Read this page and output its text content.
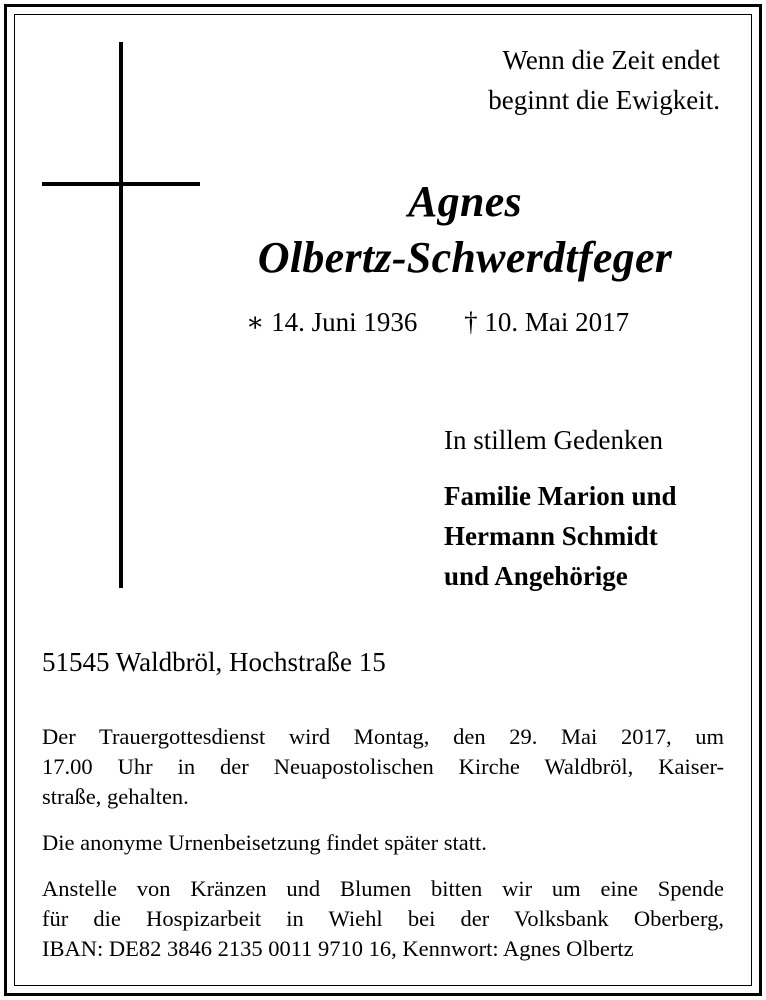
Wenn die Zeit endet
beginnt die Ewigkeit.
Agnes
Olbertz-Schwerdtfeger
∗ 14. Juni 1936 † 10. Mai 2017
In stillem Gedenken
Familie Marion und
Hermann Schmidt
und Angehörige
51545 Waldbröl, Hochstraße 15
Der Trauergottesdienst wird Montag, den 29. Mai 2017, um
17.00 Uhr in der Neuapostolischen Kirche Waldbröl, Kaiser-
straße, gehalten.
Die anonyme Urnenbeisetzung findet später statt.
Anstelle von Kränzen und Blumen bitten wir um eine Spende
für die Hospizarbeit in Wiehl bei der Volksbank Oberberg,
IBAN: DE82 3846 2135 0011 9710 16, Kennwort: Agnes Olbertz
